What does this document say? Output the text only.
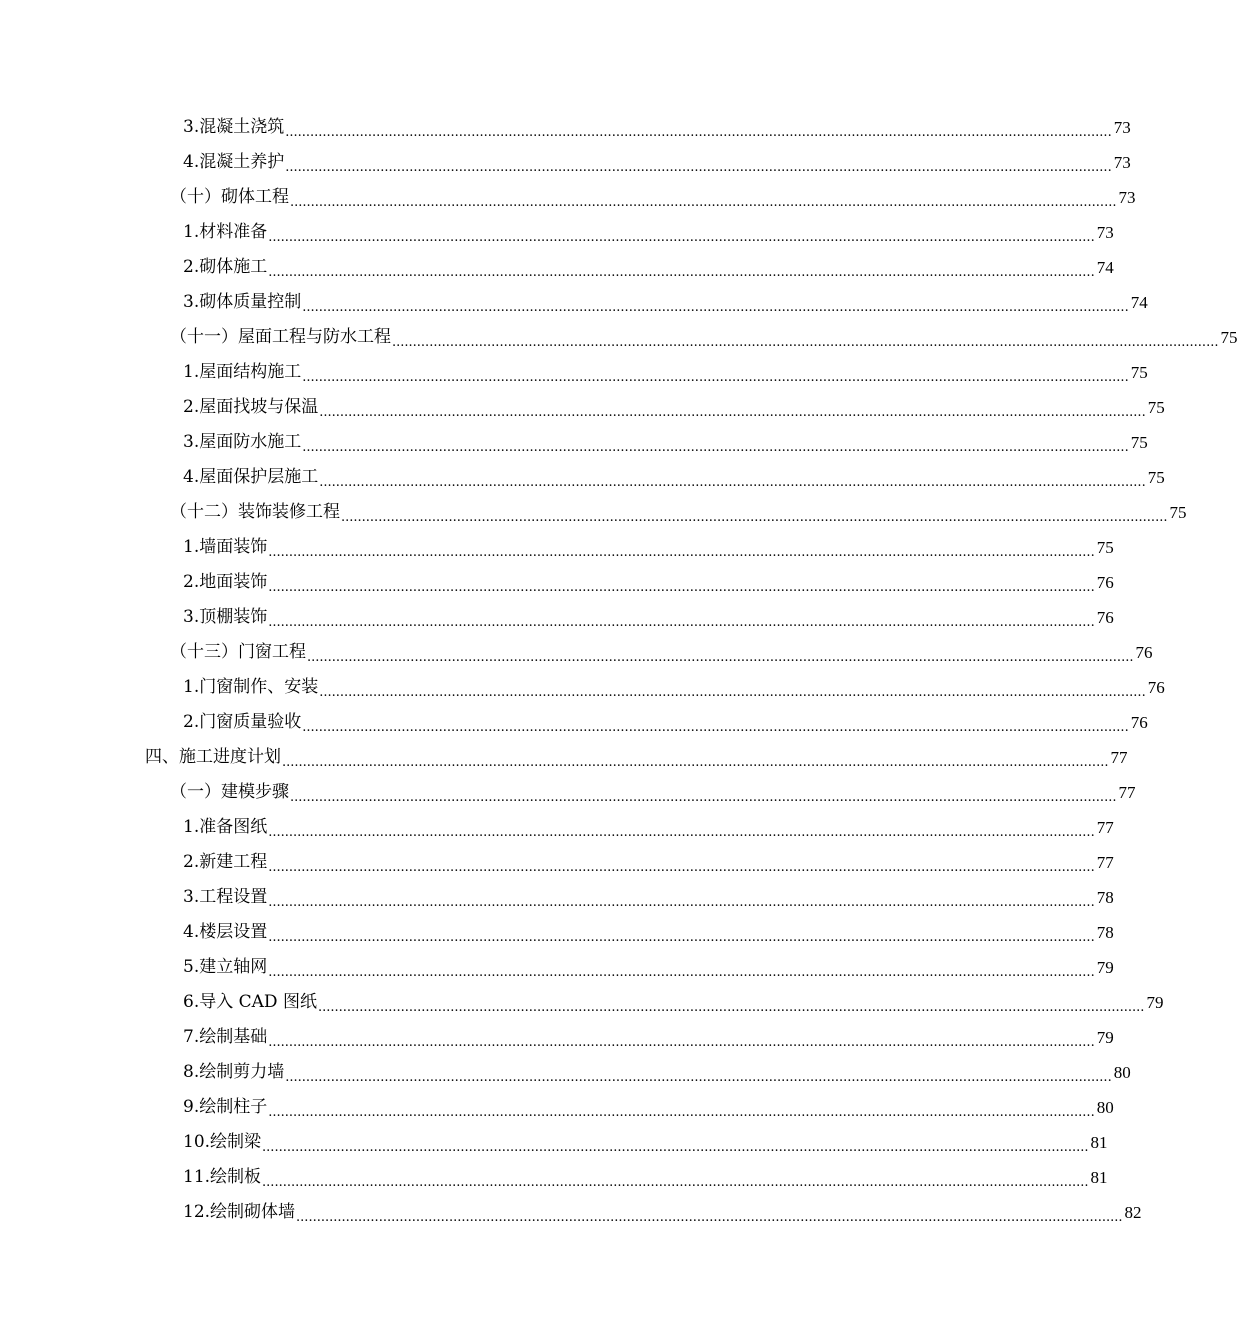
3. 混凝土浇筑 ........................................................................................................................................................................................................ 73
4. 混凝土养护 ........................................................................................................................................................................................................ 73
（十） 砌体工程 ........................................................................................................................................................................................................ 73
1. 材料准备 ........................................................................................................................................................................................................ 73
2. 砌体施工 ........................................................................................................................................................................................................ 74
3. 砌体质量控制 ........................................................................................................................................................................................................ 74
（十一） 屋面工程与防水工程 ........................................................................................................................................................................................................ 75
1. 屋面结构施工 ........................................................................................................................................................................................................ 75
2. 屋面找坡与保温 ........................................................................................................................................................................................................ 75
3. 屋面防水施工 ........................................................................................................................................................................................................ 75
4. 屋面保护层施工 ........................................................................................................................................................................................................ 75
（十二） 装饰装修工程 ........................................................................................................................................................................................................ 75
1. 墙面装饰 ........................................................................................................................................................................................................ 75
2. 地面装饰 ........................................................................................................................................................................................................ 76
3. 顶棚装饰 ........................................................................................................................................................................................................ 76
（十三） 门窗工程 ........................................................................................................................................................................................................ 76
1. 门窗制作、安装 ........................................................................................................................................................................................................ 76
2. 门窗质量验收 ........................................................................................................................................................................................................ 76
四、 施工进度计划 ........................................................................................................................................................................................................ 77
（一） 建模步骤 ........................................................................................................................................................................................................ 77
1. 准备图纸 ........................................................................................................................................................................................................ 77
2. 新建工程 ........................................................................................................................................................................................................ 77
3. 工程设置 ........................................................................................................................................................................................................ 78
4. 楼层设置 ........................................................................................................................................................................................................ 78
5. 建立轴网 ........................................................................................................................................................................................................ 79
6. 导入 CAD 图纸 ........................................................................................................................................................................................................ 79
7. 绘制基础 ........................................................................................................................................................................................................ 79
8. 绘制剪力墙 ........................................................................................................................................................................................................ 80
9. 绘制柱子 ........................................................................................................................................................................................................ 80
10. 绘制梁 ........................................................................................................................................................................................................ 81
11. 绘制板 ........................................................................................................................................................................................................ 81
12. 绘制砌体墙 ........................................................................................................................................................................................................ 82
